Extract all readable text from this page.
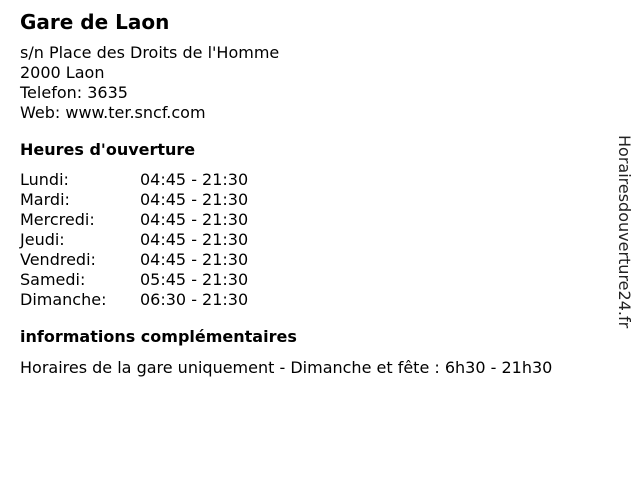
Gare de Laon
s/n Place des Droits de l'Homme
2000 Laon
Telefon: 3635
Web: www.ter.sncf.com
Heures d'ouverture
Lundi:	04:45 - 21:30
Mardi:	04:45 - 21:30
Mercredi:	04:45 - 21:30
Jeudi:	04:45 - 21:30
Vendredi:	04:45 - 21:30
Samedi:	05:45 - 21:30
Dimanche:	06:30 - 21:30
informations complémentaires
Horaires de la gare uniquement - Dimanche et fête : 6h30 - 21h30
Horairesdouverture24.fr
